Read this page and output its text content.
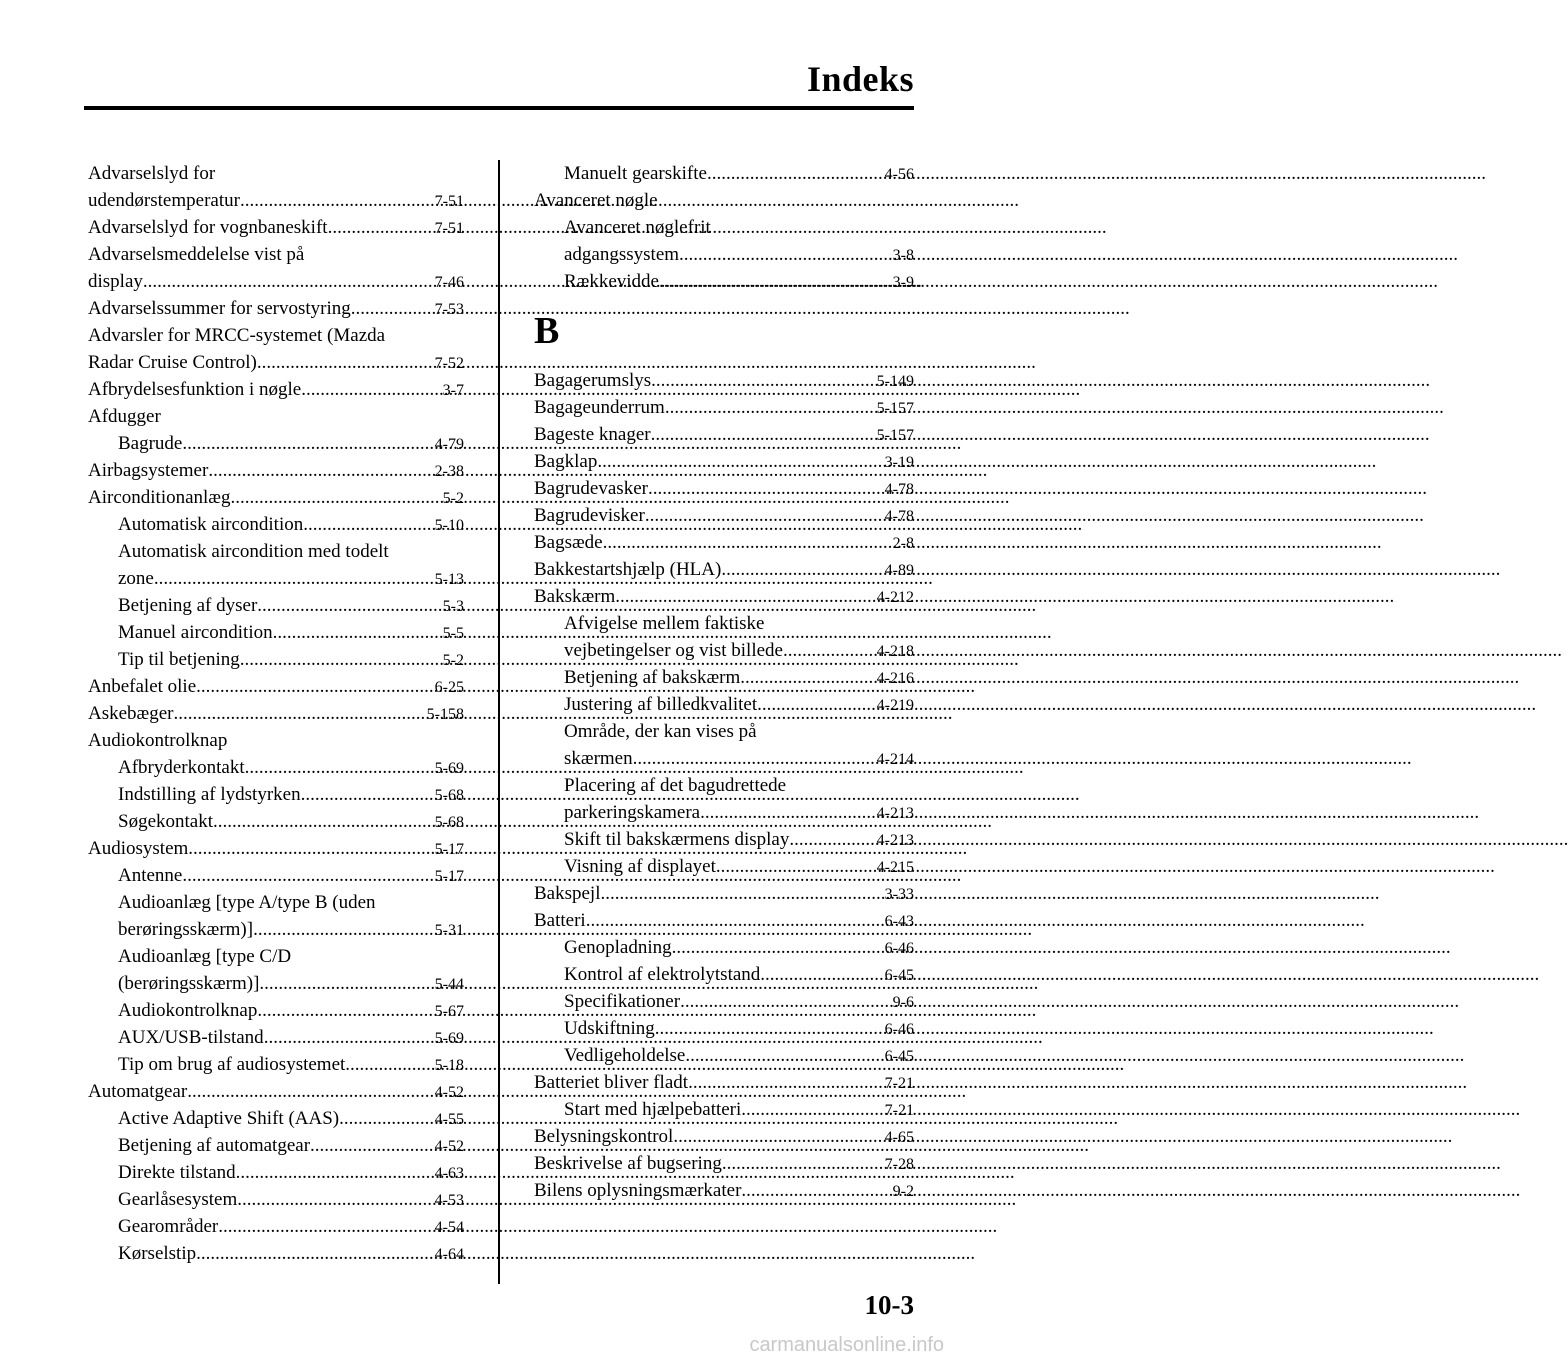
Indeks
Advarselslyd for
udendørstemperatur .....	7-51
Advarselslyd for vognbaneskift .....	7-51
Advarselsmeddelelse vist på
display .....	7-46
Advarselssummer for servostyring .....	7-53
Advarsler for MRCC-systemet (Mazda
Radar Cruise Control) .....	7-52
Afbrydelsesfunktion i nøgle .....	3-7
Afdugger
Bagrude .....	4-79
Airbagsystemer .....	2-38
Airconditionanlæg .....	5-2
Automatisk aircondition .....	5-10
Automatisk aircondition med todelt
zone .....	5-13
Betjening af dyser .....	5-3
Manuel aircondition .....	5-5
Tip til betjening .....	5-2
Anbefalet olie .....	6-25
Askebæger .....	5-158
Audiokontrolknap
Afbryderkontakt .....	5-69
Indstilling af lydstyrken .....	5-68
Søgekontakt .....	5-68
Audiosystem .....	5-17
Antenne .....	5-17
Audioanlæg [type A/type B (uden
berøringsskærm)] .....	5-31
Audioanlæg [type C/D
(berøringsskærm)] .....	5-44
Audiokontrolknap .....	5-67
AUX/USB-tilstand .....	5-69
Tip om brug af audiosystemet .....	5-18
Automatgear .....	4-52
Active Adaptive Shift (AAS) .....	4-55
Betjening af automatgear .....	4-52
Direkte tilstand .....	4-63
Gearlåsesystem .....	4-53
Gearområder .....	4-54
Kørselstip .....	4-64
Manuelt gearskifte .....	4-56
Avanceret nøgle
Avanceret nøglefrit
adgangssystem .....	3-8
Rækkevidde .....	3-9
B
Bagagerumslys .....	5-149
Bagageunderrum .....	5-157
Bageste knager .....	5-157
Bagklap .....	3-19
Bagrudevasker .....	4-78
Bagrudevisker .....	4-78
Bagsæde .....	2-8
Bakkestartshjælp (HLA) .....	4-89
Bakskærm .....	4-212
Afvigelse mellem faktiske
vejbetingelser og vist billede .....	4-218
Betjening af bakskærm .....	4-216
Justering af billedkvalitet .....	4-219
Område, der kan vises på
skærmen .....	4-214
Placering af det bagudrettede
parkeringskamera .....	4-213
Skift til bakskærmens display .....	4-213
Visning af displayet .....	4-215
Bakspejl .....	3-33
Batteri .....	6-43
Genopladning .....	6-46
Kontrol af elektrolytstand .....	6-45
Specifikationer .....	9-6
Udskiftning .....	6-46
Vedligeholdelse .....	6-45
Batteriet bliver fladt .....	7-21
Start med hjælpebatteri .....	7-21
Belysningskontrol .....	4-65
Beskrivelse af bugsering .....	7-28
Bilens oplysningsmærkater .....	9-2
10-3
carmanualsonline.info
